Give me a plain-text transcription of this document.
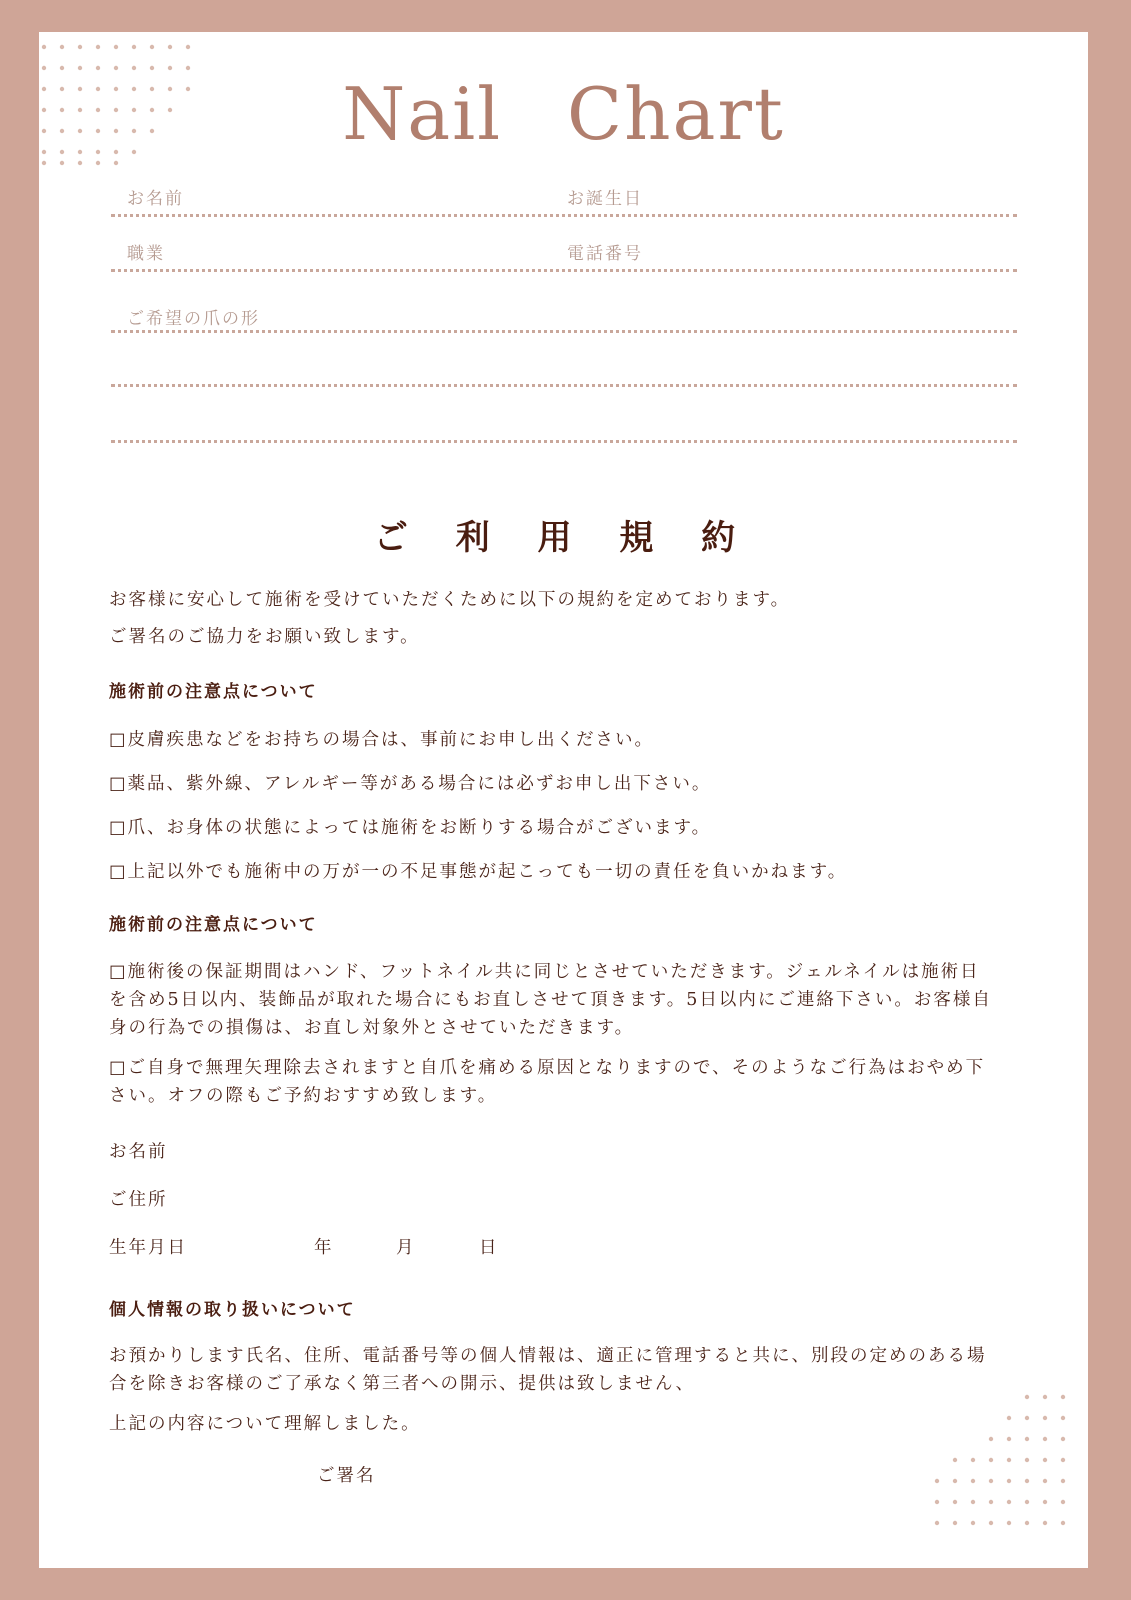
Nail Chart
お名前	お誕生日
職業	電話番号
ご希望の爪の形
ご 利 用 規 約
お客様に安心して施術を受けていただくために以下の規約を定めております。
ご署名のご協力をお願い致します。
施術前の注意点について
□皮膚疾患などをお持ちの場合は、事前にお申し出ください。
□薬品、紫外線、アレルギー等がある場合には必ずお申し出下さい。
□爪、お身体の状態によっては施術をお断りする場合がございます。
□上記以外でも施術中の万が一の不足事態が起こっても一切の責任を負いかねます。
施術前の注意点について
□施術後の保証期間はハンド、フットネイル共に同じとさせていただきます。ジェルネイルは施術日を含め5日以内、装飾品が取れた場合にもお直しさせて頂きます。5日以内にご連絡下さい。お客様自身の行為での損傷は、お直し対象外とさせていただきます。
□ご自身で無理矢理除去されますと自爪を痛める原因となりますので、そのようなご行為はおやめ下さい。オフの際もご予約おすすめ致します。
お名前
ご住所
生年月日	年	月	日
個人情報の取り扱いについて
お預かりします氏名、住所、電話番号等の個人情報は、適正に管理すると共に、別段の定めのある場合を除きお客様のご了承なく第三者への開示、提供は致しません、
上記の内容について理解しました。
ご署名
